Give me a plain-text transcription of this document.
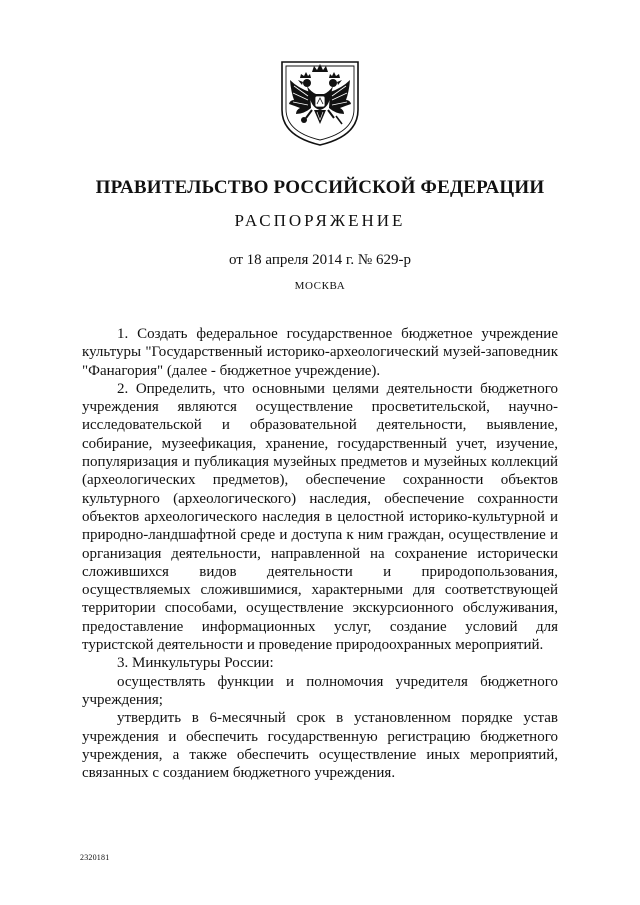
ПРАВИТЕЛЬСТВО РОССИЙСКОЙ ФЕДЕРАЦИИ
РАСПОРЯЖЕНИЕ
от 18 апреля 2014 г. № 629-р
МОСКВА

1. Создать федеральное государственное бюджетное учреждение культуры "Государственный историко-археологический музей-заповедник "Фанагория" (далее - бюджетное учреждение).

2. Определить, что основными целями деятельности бюджетного учреждения являются осуществление просветительской, научно-исследовательской и образовательной деятельности, выявление, собирание, музеефикация, хранение, государственный учет, изучение, популяризация и публикация музейных предметов и музейных коллекций (археологических предметов), обеспечение сохранности объектов культурного (археологического) наследия, обеспечение сохранности объектов археологического наследия в целостной историко-культурной и природно-ландшафтной среде и доступа к ним граждан, осуществление и организация деятельности, направленной на сохранение исторически сложившихся видов деятельности и природопользования, осуществляемых сложившимися, характерными для соответствующей территории способами, осуществление экскурсионного обслуживания, предоставление информационных услуг, создание условий для туристской деятельности и проведение природоохранных мероприятий.

3. Минкультуры России:

осуществлять функции и полномочия учредителя бюджетного учреждения;

утвердить в 6-месячный срок в установленном порядке устав учреждения и обеспечить государственную регистрацию бюджетного учреждения, а также обеспечить осуществление иных мероприятий, связанных с созданием бюджетного учреждения.

2320181
